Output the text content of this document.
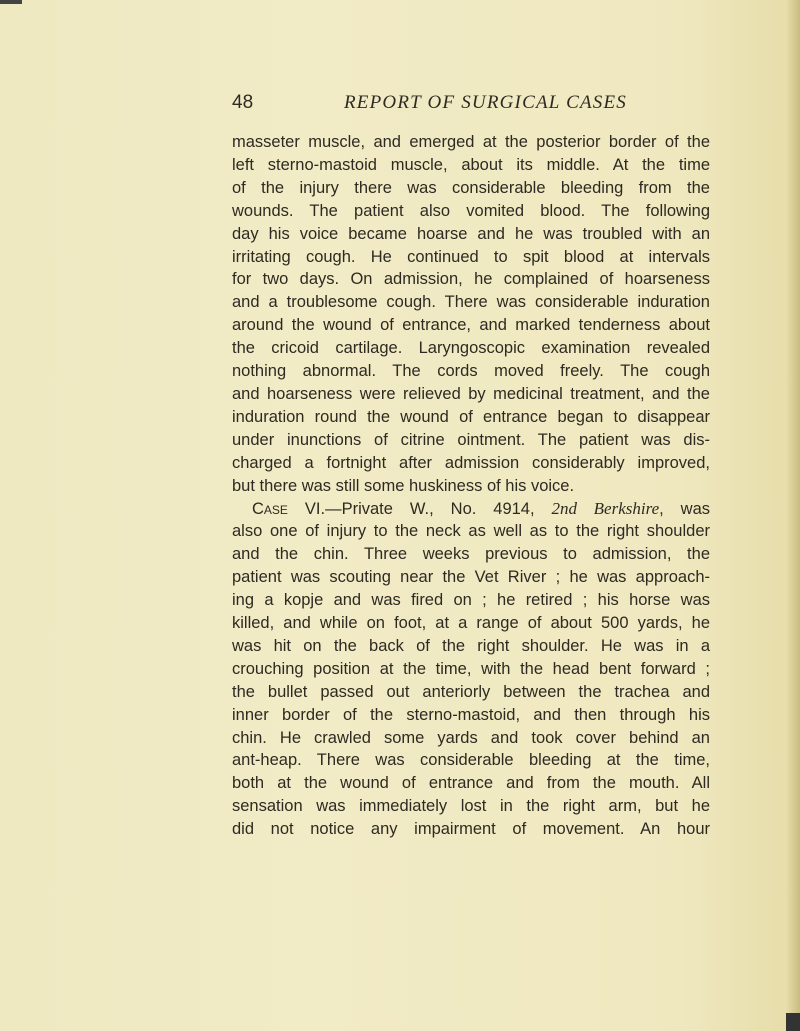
48	REPORT OF SURGICAL CASES
masseter muscle, and emerged at the posterior border of the
left sterno-mastoid muscle, about its middle. At the time
of the injury there was considerable bleeding from the
wounds. The patient also vomited blood. The following
day his voice became hoarse and he was troubled with an
irritating cough. He continued to spit blood at intervals
for two days. On admission, he complained of hoarseness
and a troublesome cough. There was considerable induration
around the wound of entrance, and marked tenderness about
the cricoid cartilage. Laryngoscopic examination revealed
nothing abnormal. The cords moved freely. The cough
and hoarseness were relieved by medicinal treatment, and the
induration round the wound of entrance began to disappear
under inunctions of citrine ointment. The patient was dis-
charged a fortnight after admission considerably improved,
but there was still some huskiness of his voice.
Case VI.—Private W., No. 4914, 2nd Berkshire, was
also one of injury to the neck as well as to the right shoulder
and the chin. Three weeks previous to admission, the
patient was scouting near the Vet River ; he was approach-
ing a kopje and was fired on ; he retired ; his horse was
killed, and while on foot, at a range of about 500 yards, he
was hit on the back of the right shoulder. He was in a
crouching position at the time, with the head bent forward ;
the bullet passed out anteriorly between the trachea and
inner border of the sterno-mastoid, and then through his
chin. He crawled some yards and took cover behind an
ant-heap. There was considerable bleeding at the time,
both at the wound of entrance and from the mouth. All
sensation was immediately lost in the right arm, but he
did not notice any impairment of movement. An hour
